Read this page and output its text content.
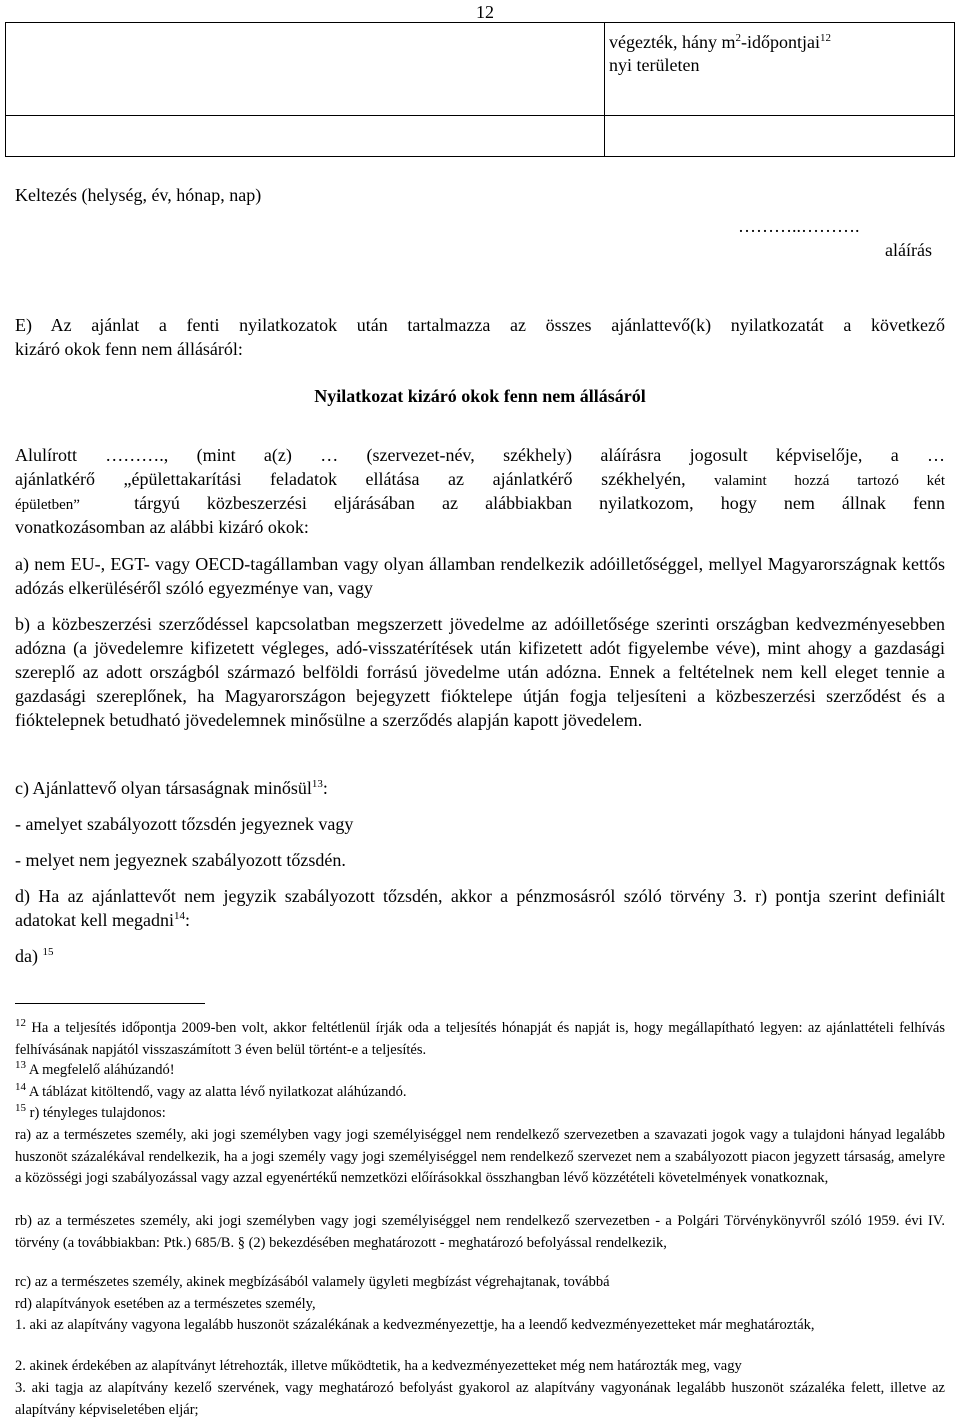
12
	végezték, hány $m^2-időpontjai^{12}$
nyi területen

Keltezés (helység, év, hónap, nap)
………..……….
aláírás
E) Az ajánlat a fenti nyilatkozatok után tartalmazza az összes ajánlattevő(k) nyilatkozatát a következő
kizáró okok fenn nem állásáról:
Nyilatkozat kizáró okok fenn nem állásáról
Alulírott ………., (mint a(z) … (szervezet-név, székhely) aláírásra jogosult képviselője, a …
ajánlatkérő „épülettakarítási feladatok ellátása az ajánlatkérő székhelyén, valamint hozzá tartozó két
épületben”	tárgyú közbeszerzési eljárásában az alábbiakban nyilatkozom, hogy nem állnak fenn
vonatkozásomban az alábbi kizáró okok:
a) nem EU-, EGT- vagy OECD-tagállamban vagy olyan államban rendelkezik adóilletőséggel, mellyel Magyarországnak kettős adózás elkerüléséről szóló egyezménye van, vagy
b) a közbeszerzési szerződéssel kapcsolatban megszerzett jövedelme az adóilletősége szerinti országban kedvezményesebben adózna (a jövedelemre kifizetett végleges, adó-visszatérítések után kifizetett adót figyelembe véve), mint ahogy a gazdasági szereplő az adott országból származó belföldi forrású jövedelme után adózna. Ennek a feltételnek nem kell eleget tennie a gazdasági szereplőnek, ha Magyarországon bejegyzett fióktelepe útján fogja teljesíteni a közbeszerzési szerződést és a fióktelepnek betudható jövedelemnek minősülne a szerződés alapján kapott jövedelem.
c) Ajánlattevő olyan társaságnak minősül$^{13}$:
- amelyet szabályozott tőzsdén jegyeznek vagy
- melyet nem jegyeznek szabályozott tőzsdén.
d) Ha az ajánlattevőt nem jegyzik szabályozott tőzsdén, akkor a pénzmosásról szóló törvény 3. r) pontja szerint definiált adatokat kell megadni$^{14}$:
da) $^{15}$
$^{12}$ Ha a teljesítés időpontja 2009-ben volt, akkor feltétlenül írják oda a teljesítés hónapját és napját is, hogy megállapítható legyen: az ajánlattételi felhívás felhívásának napjától visszaszámított 3 éven belül történt-e a teljesítés.
$^{13}$ A megfelelő aláhúzandó!
$^{14}$ A táblázat kitöltendő, vagy az alatta lévő nyilatkozat aláhúzandó.
$^{15}$ r) tényleges tulajdonos:
ra) az a természetes személy, aki jogi személyben vagy jogi személyiséggel nem rendelkező szervezetben a szavazati jogok vagy a tulajdoni hányad legalább huszonöt százalékával rendelkezik, ha a jogi személy vagy jogi személyiséggel nem rendelkező szervezet nem a szabályozott piacon jegyzett társaság, amelyre a közösségi jogi szabályozással vagy azzal egyenértékű nemzetközi előírásokkal összhangban lévő közzétételi követelmények vonatkoznak,
rb) az a természetes személy, aki jogi személyben vagy jogi személyiséggel nem rendelkező szervezetben - a Polgári Törvénykönyvről szóló 1959. évi IV. törvény (a továbbiakban: Ptk.) 685/B. § (2) bekezdésében meghatározott - meghatározó befolyással rendelkezik,
rc) az a természetes személy, akinek megbízásából valamely ügyleti megbízást végrehajtanak, továbbá
rd) alapítványok esetében az a természetes személy,
1. aki az alapítvány vagyona legalább huszonöt százalékának a kedvezményezettje, ha a leendő kedvezményezetteket már meghatározták,
2. akinek érdekében az alapítványt létrehozták, illetve működtetik, ha a kedvezményezetteket még nem határozták meg, vagy
3. aki tagja az alapítvány kezelő szervének, vagy meghatározó befolyást gyakorol az alapítvány vagyonának legalább huszonöt százaléka felett, illetve az alapítvány képviseletében eljár;
